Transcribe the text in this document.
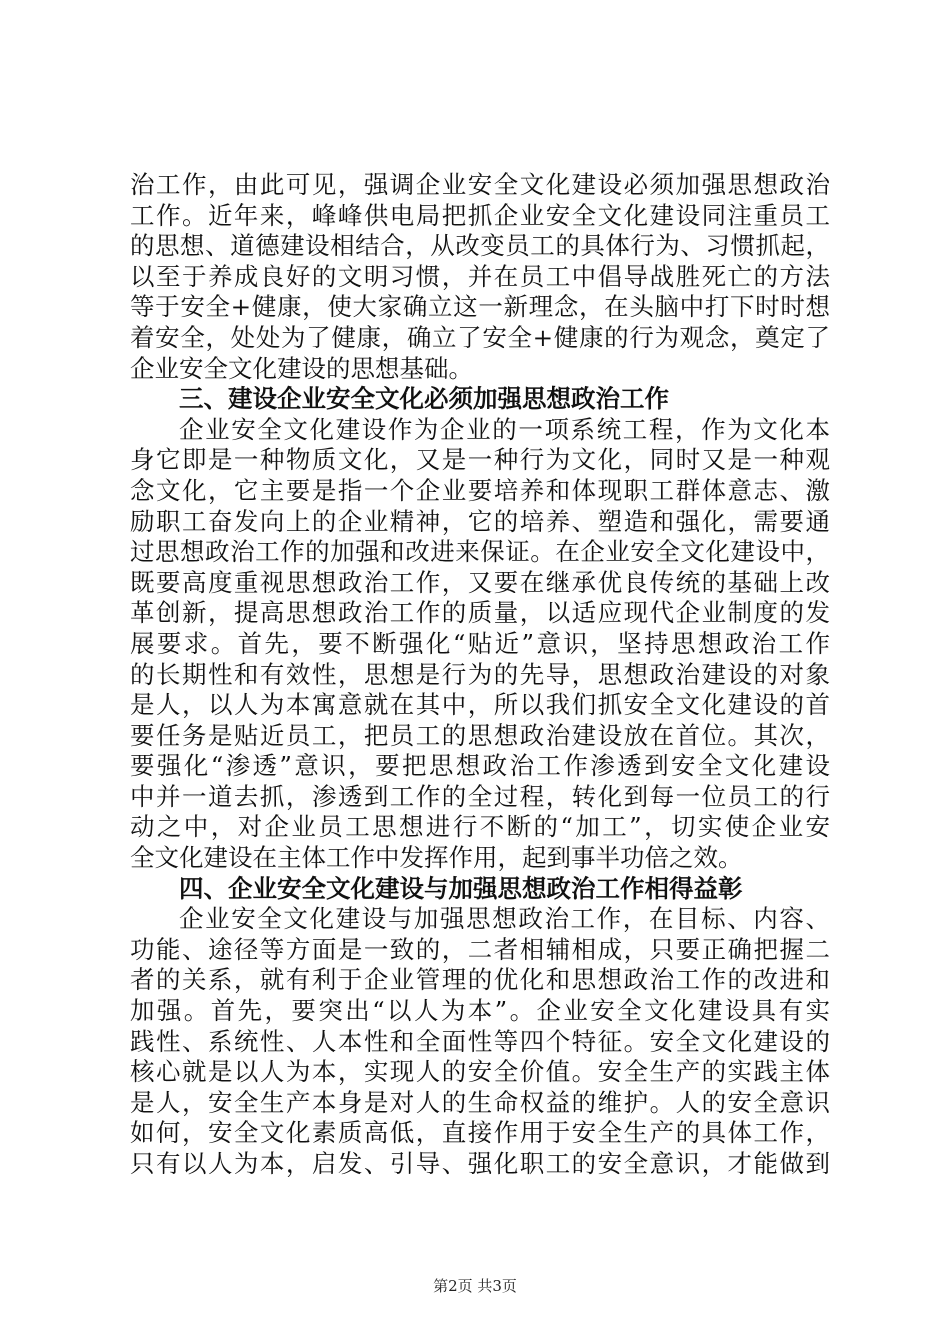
治工作，由此可见，强调企业安全文化建设必须加强思想政治
工作。近年来，峰峰供电局把抓企业安全文化建设同注重员工
的思想、道德建设相结合，从改变员工的具体行为、习惯抓起，
以至于养成良好的文明习惯，并在员工中倡导战胜死亡的方法
等于安全+健康，使大家确立这一新理念，在头脑中打下时时想
着安全，处处为了健康，确立了安全+健康的行为观念，奠定了
企业安全文化建设的思想基础。
三、建设企业安全文化必须加强思想政治工作
企业安全文化建设作为企业的一项系统工程，作为文化本
身它即是一种物质文化，又是一种行为文化，同时又是一种观
念文化，它主要是指一个企业要培养和体现职工群体意志、激
励职工奋发向上的企业精神，它的培养、塑造和强化，需要通
过思想政治工作的加强和改进来保证。在企业安全文化建设中，
既要高度重视思想政治工作，又要在继承优良传统的基础上改
革创新，提高思想政治工作的质量，以适应现代企业制度的发
展要求。首先，要不断强化“贴近”意识，坚持思想政治工作
的长期性和有效性，思想是行为的先导，思想政治建设的对象
是人，以人为本寓意就在其中，所以我们抓安全文化建设的首
要任务是贴近员工，把员工的思想政治建设放在首位。其次，
要强化“渗透”意识，要把思想政治工作渗透到安全文化建设
中并一道去抓，渗透到工作的全过程，转化到每一位员工的行
动之中，对企业员工思想进行不断的“加工”，切实使企业安
全文化建设在主体工作中发挥作用，起到事半功倍之效。
四、企业安全文化建设与加强思想政治工作相得益彰
企业安全文化建设与加强思想政治工作，在目标、内容、
功能、途径等方面是一致的，二者相辅相成，只要正确把握二
者的关系，就有利于企业管理的优化和思想政治工作的改进和
加强。首先，要突出“以人为本”。企业安全文化建设具有实
践性、系统性、人本性和全面性等四个特征。安全文化建设的
核心就是以人为本，实现人的安全价值。安全生产的实践主体
是人，安全生产本身是对人的生命权益的维护。人的安全意识
如何，安全文化素质高低，直接作用于安全生产的具体工作，
只有以人为本，启发、引导、强化职工的安全意识，才能做到
第2页 共3页
